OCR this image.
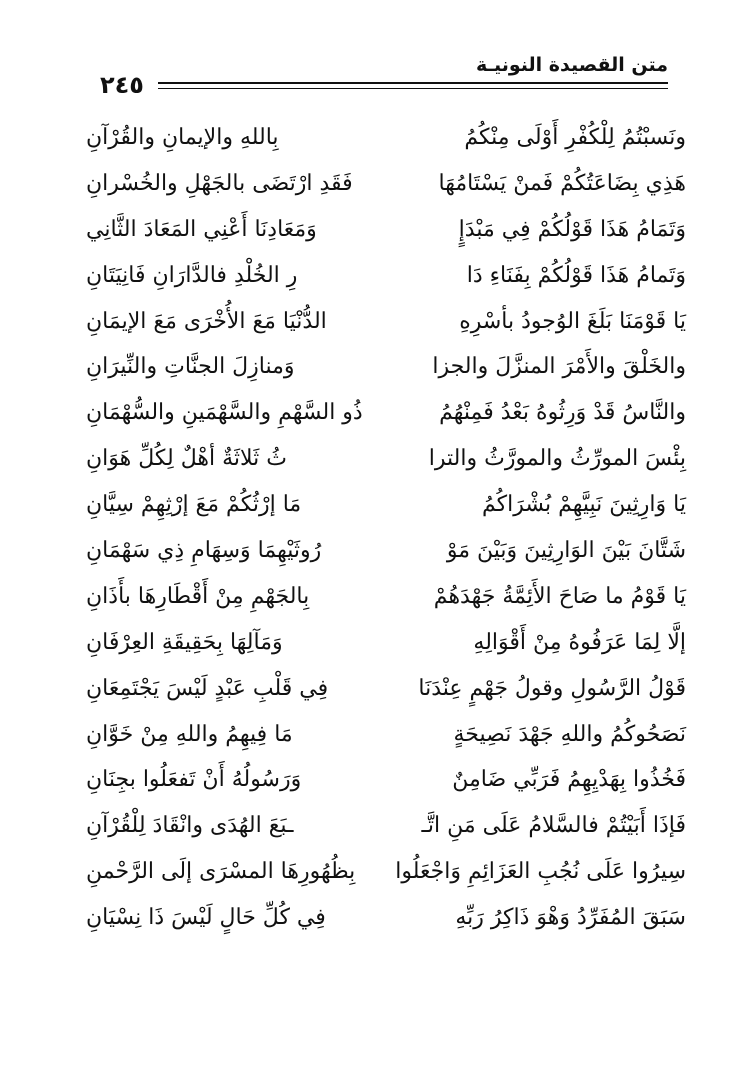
متن القصيدة النونيـة
٢٤٥
ونَسبْتُمُ لِلْكُفْرِ أَوْلَى مِنْكُمُ
بِاللهِ والإيمانِ والقُرْآنِ
هَذِي بِضَاعَتُكُمْ فَمنْ يَسْتَامُهَا
فَقَدِ ارْتَضَى بالجَهْلِ والخُسْرانِ
وَتَمَامُ هَذَا قَوْلُكُمْ فِي مَبْدَإٍ
وَمَعَادِنَا أَعْنِي المَعَادَ الثَّانِي
وَتَمامُ هَذَا قَوْلُكُمْ بِفَنَاءِ دَا
رِ الخُلْدِ فالدَّارَانِ فَانِيَتَانِ
يَا قَوْمَنَا بَلَغَ الوُجودُ بأسْرِهِ
الدُّنْيَا مَعَ الأُخْرَى مَعَ الإيمَانِ
والخَلْقَ والأَمْرَ المنزَّلَ والجزا
وَمنازِلَ الجنَّاتِ والنِّيرَانِ
والنَّاسُ قَدْ وَرِثُوهُ بَعْدُ فَمِنْهُمُ
ذُو السَّهْمِ والسَّهْمَينِ والسُّهْمَانِ
بِئْسَ المورِّثُ والمورَّثُ والترا
ثُ ثَلاثَةٌ أهْلٌ لِكُلِّ هَوَانِ
يَا وَارِثِينَ نَبِيَّهِمْ بُشْرَاكُمُ
مَا إرْثُكُمْ مَعَ إرْثِهِمْ سِيَّانِ
شَتَّانَ بَيْنَ الوَارِثِينَ وَبَيْنَ مَوْ
رُوثَيْهِمَا وَسِهَامِ ذِي سَهْمَانِ
يَا قَوْمُ ما صَاحَ الأَئِمَّةُ جَهْدَهُمْ
بِالجَهْمِ مِنْ أَقْطَارِهَا بأَذَانِ
إلَّا لِمَا عَرَفُوهُ مِنْ أَقْوَالِهِ
وَمَآلِهَا بِحَقِيقَةِ العِرْفَانِ
قَوْلُ الرَّسُولِ وقولُ جَهْمٍ عِنْدَنَا
فِي قَلْبِ عَبْدٍ لَيْسَ يَجْتَمِعَانِ
نَصَحُوكُمُ واللهِ جَهْدَ نَصِيحَةٍ
مَا فِيهِمُ واللهِ مِنْ خَوَّانِ
فَخُذُوا بِهَدْيِهِمُ فَرَبِّي ضَامِنٌ
وَرَسُولُهُ أَنْ تَفعَلُوا بجِنَانِ
فَإذَا أَبَيْتُمْ فالسَّلامُ عَلَى مَنِ اتَّـ
ـبَعَ الهُدَى وانْقَادَ لِلْقُرْآنِ
سِيرُوا عَلَى نُجُبِ العَزَائِمِ وَاجْعَلُوا
بِظُهُورِهَا المسْرَى إلَى الرَّحْمنِ
سَبَقَ المُفَرِّدُ وَهْوَ ذَاكِرُ رَبِّهِ
فِي كُلِّ حَالٍ لَيْسَ ذَا نِسْيَانِ
